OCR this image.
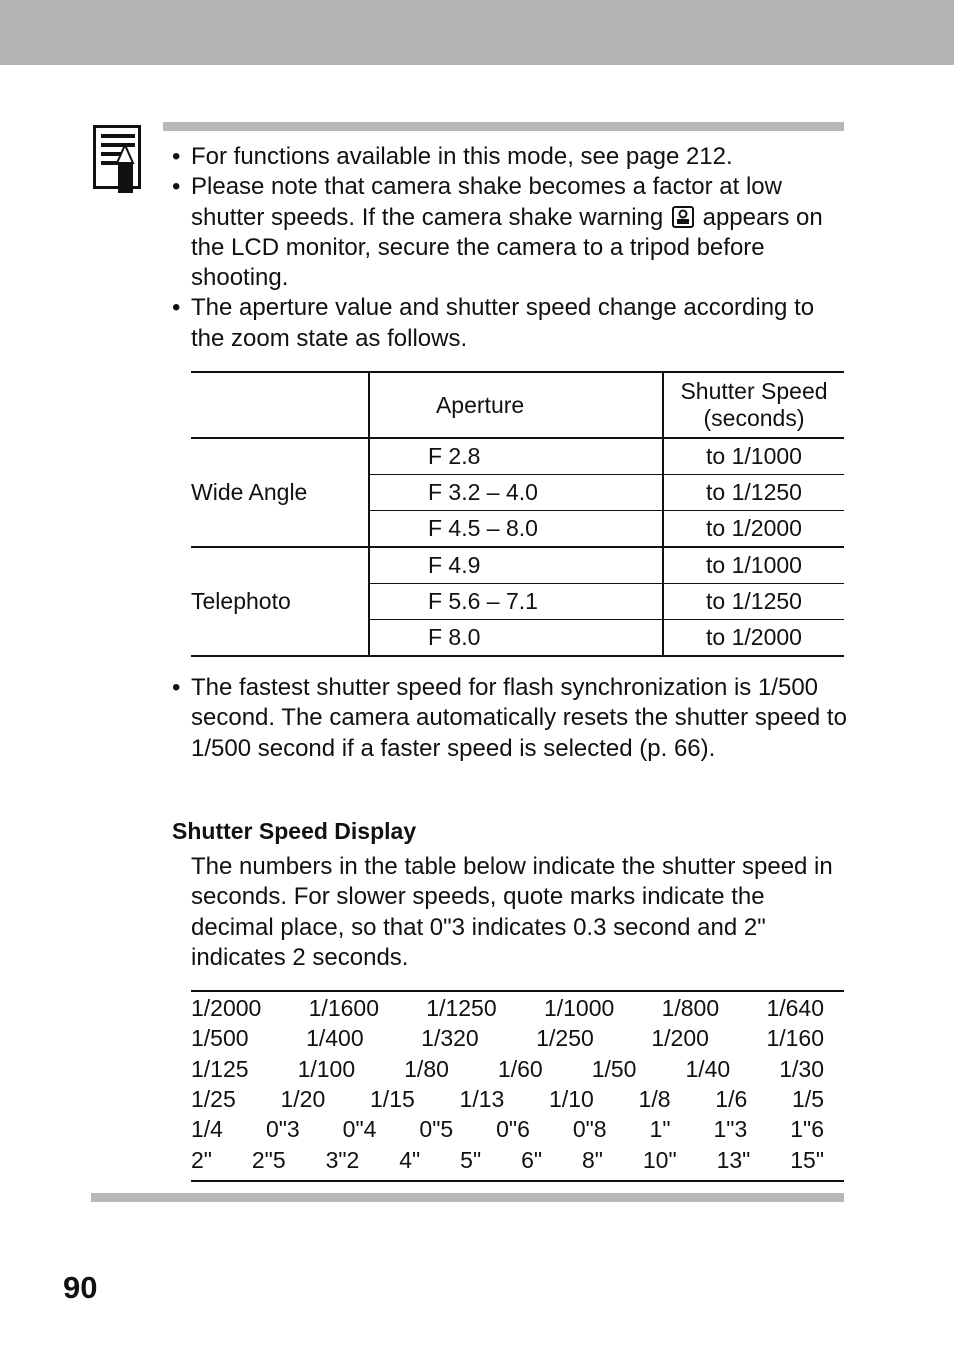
• For functions available in this mode, see page 212.
• Please note that camera shake becomes a factor at low shutter speeds. If the camera shake warning appears on the LCD monitor, secure the camera to a tripod before shooting.
• The aperture value and shutter speed change according to the zoom state as follows.
	Aperture	Shutter Speed (seconds)
Wide Angle	F 2.8	to 1/1000
	F 3.2 – 4.0	to 1/1250
	F 4.5 – 8.0	to 1/2000
Telephoto	F 4.9	to 1/1000
	F 5.6 – 7.1	to 1/1250
	F 8.0	to 1/2000
• The fastest shutter speed for flash synchronization is 1/500 second. The camera automatically resets the shutter speed to 1/500 second if a faster speed is selected (p. 66).
Shutter Speed Display
The numbers in the table below indicate the shutter speed in seconds. For slower speeds, quote marks indicate the decimal place, so that 0"3 indicates 0.3 second and 2" indicates 2 seconds.
1/2000 1/1600 1/1250 1/1000 1/800 1/640
1/500	1/400	1/320	1/250	1/200	1/160
1/125 1/100 1/80 1/60 1/50 1/40 1/30
1/25 1/20 1/15 1/13 1/10 1/8 1/6 1/5
1/4 0"3 0"4 0"5 0"6 0"8 1" 1"3 1"6
2" 2"5 3"2 4" 5" 6" 8" 10" 13" 15"
90
